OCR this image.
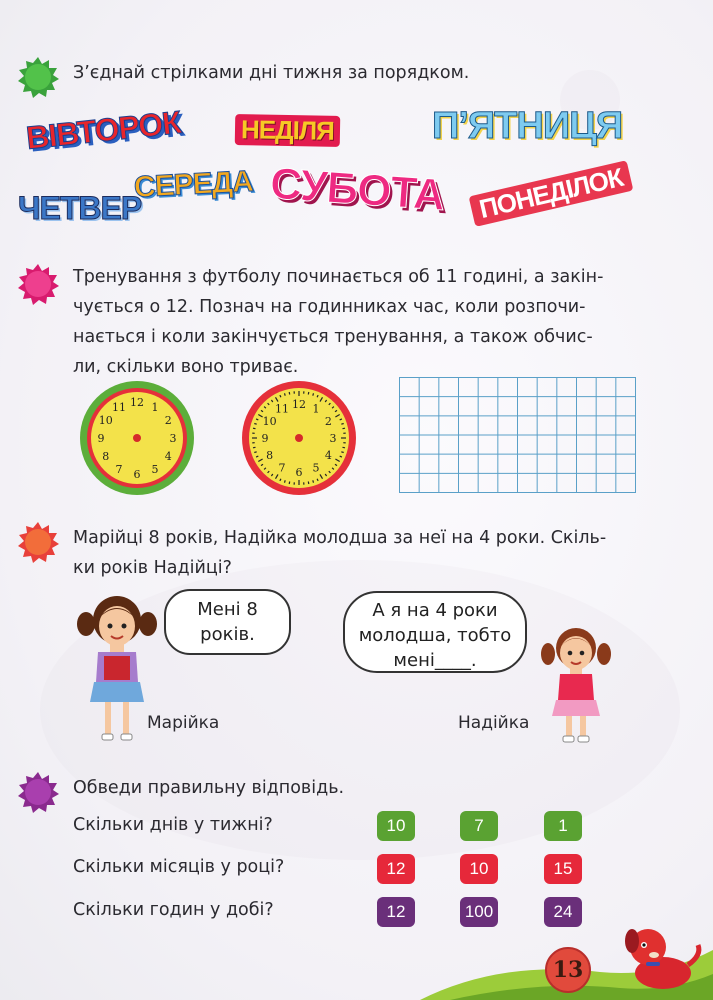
З’єднай стрілками дні тижня за порядком.
ВІВТОРОК НЕДІЛЯ	П’ЯТНИЦЯ
ЧЕТВЕР
СЕРЕДА СУБОТА ПОНЕДІЛОК
Тренування з футболу починається об 11 годині, а закін-
чується о 12. Познач на годинниках час, коли розпочи-
нається і коли закінчується тренування, а також обчис-
ли, скільки воно триває.
12 1
2
3
4
5
6
7
8
9
10
11	12 1
2
3
4
5
6
7
8
9
10
11
Марійці 8 років, Надійка молодша за неї на 4 роки. Скіль-
ки років Надійці?
Мені 8
років.
Марійка
А я на 4 роки
молодша, тобто
мені____.
Надійка
Обведи правильну відповідь.
Скільки днів у тижні?	10	7	1
Скільки місяців у році?	12	10	15
Скільки годин у добі?	12	100	24
13
